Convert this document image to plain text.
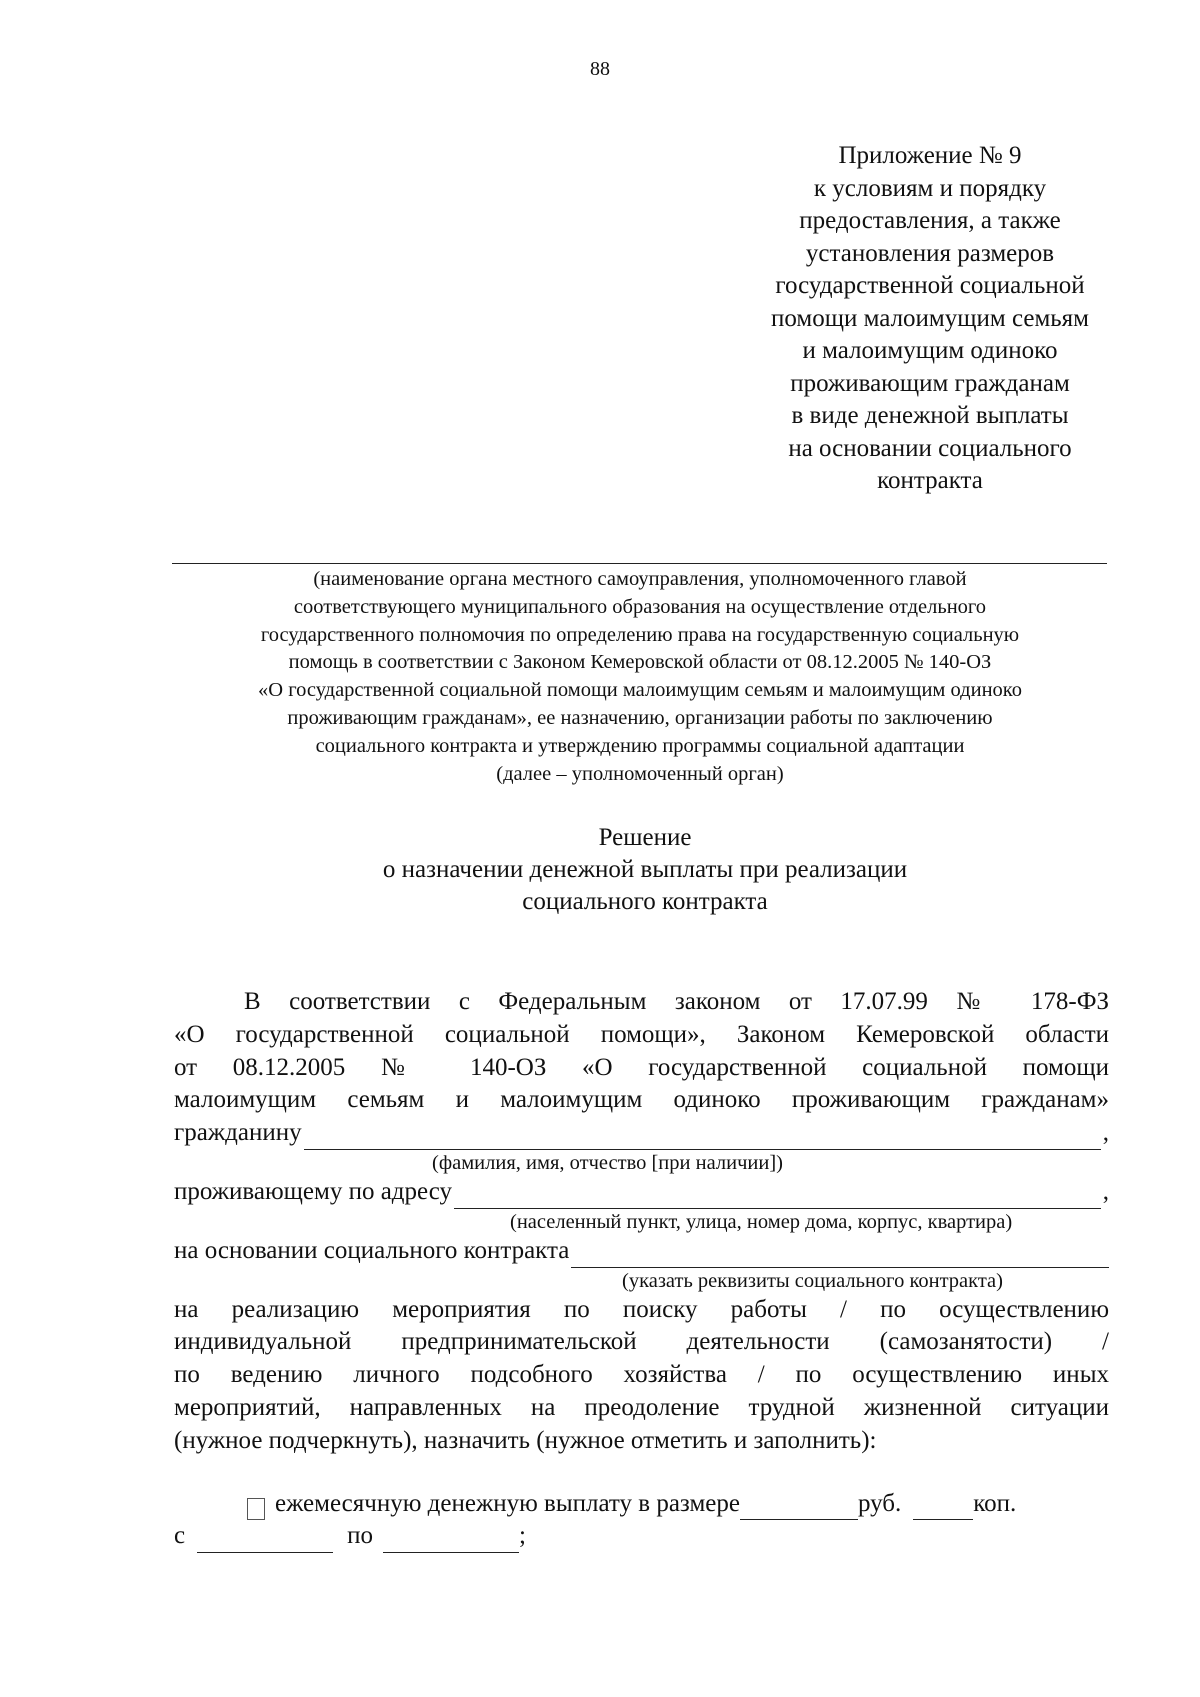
88
Приложение № 9
к условиям и порядку
предоставления, а также
установления размеров
государственной социальной
помощи малоимущим семьям
и малоимущим одиноко
проживающим гражданам
в виде денежной выплаты
на основании социального
контракта
(наименование органа местного самоуправления, уполномоченного главой
соответствующего муниципального образования на осуществление отдельного
государственного полномочия по определению права на государственную социальную
помощь в соответствии с Законом Кемеровской области от 08.12.2005 № 140-ОЗ
«О государственной социальной помощи малоимущим семьям и малоимущим одиноко
проживающим гражданам», ее назначению, организации работы по заключению
социального контракта и утверждению программы социальной адаптации
(далее – уполномоченный орган)
Решение
о назначении денежной выплаты при реализации
социального контракта
В соответствии с Федеральным законом от 17.07.99 № 178-ФЗ
«О государственной социальной помощи», Законом Кемеровской области
от 08.12.2005 № 140-ОЗ «О государственной социальной помощи
малоимущим семьям и малоимущим одиноко проживающим гражданам»
гражданину	,
(фамилия, имя, отчество [при наличии])
проживающему по адресу	,
(населенный пункт, улица, номер дома, корпус, квартира)
на основании социального контракта
(указать реквизиты социального контракта)
на реализацию мероприятия по поиску работы / по осуществлению
индивидуальной предпринимательской деятельности (самозанятости) /
по ведению личного подсобного хозяйства / по осуществлению иных
мероприятий, направленных на преодоление трудной жизненной ситуации
(нужное подчеркнуть), назначить (нужное отметить и заполнить):
ежемесячную денежную выплату в размере	руб.	коп.
с	по	;
